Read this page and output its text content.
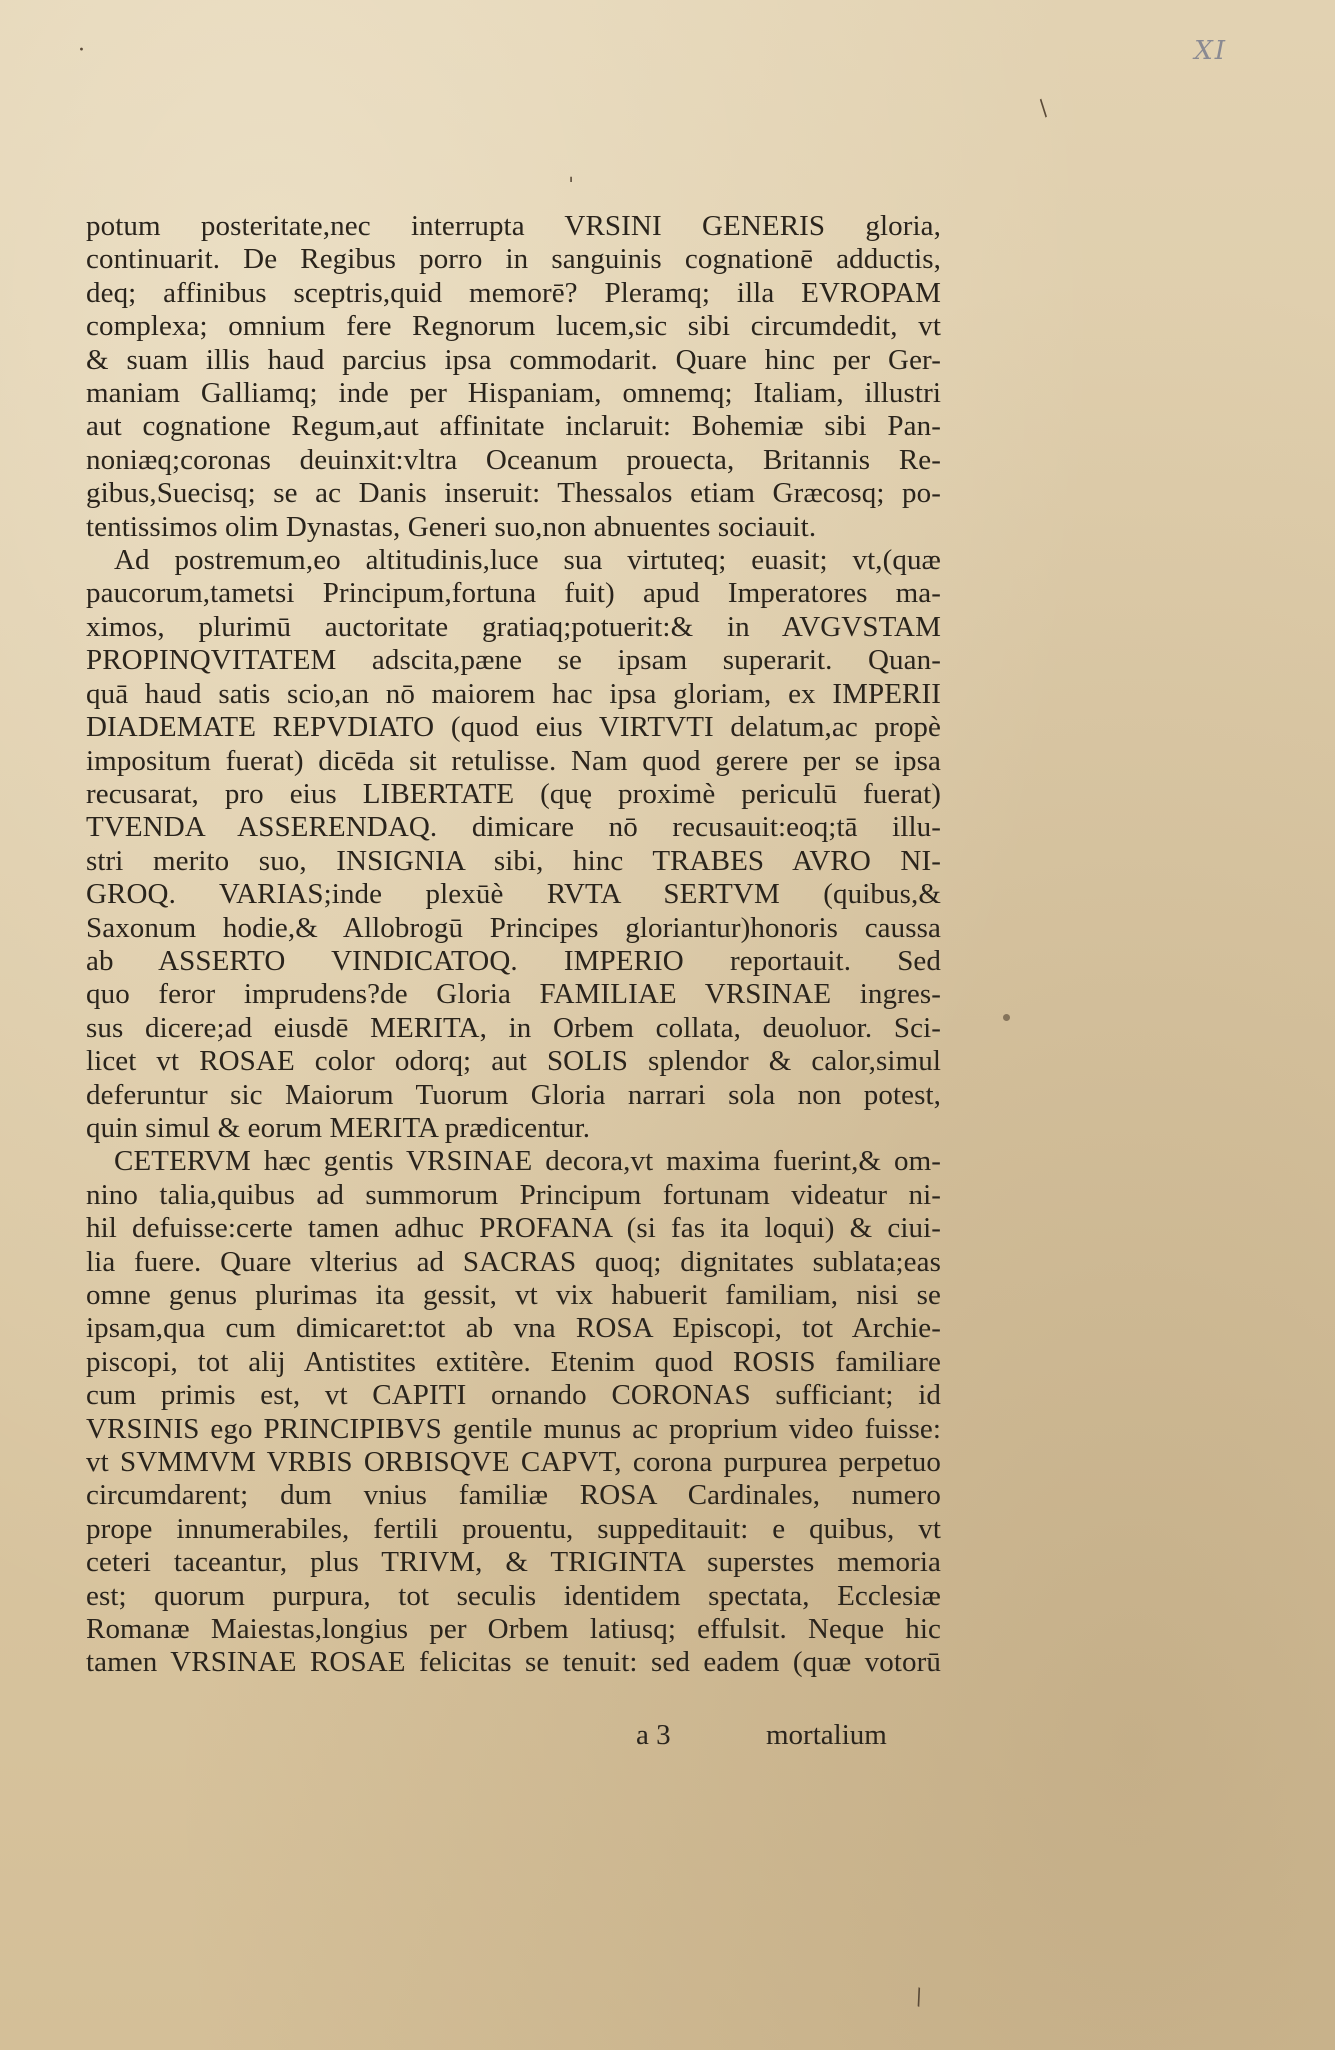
XI
·
/
ˌ
\
potum posteritate,nec interrupta VRSINI GENERIS gloria,
continuarit. De Regibus porro in sanguinis cognationē adductis,
deq; affinibus sceptris,quid memorē? Pleramq; illa EVROPAM
complexa; omnium fere Regnorum lucem,sic sibi circumdedit, vt
& suam illis haud parcius ipsa commodarit. Quare hinc per Ger-
maniam Galliamq; inde per Hispaniam, omnemq; Italiam, illustri
aut cognatione Regum,aut affinitate inclaruit: Bohemiæ sibi Pan-
noniæq;coronas deuinxit:vltra Oceanum prouecta, Britannis Re-
gibus,Suecisq; se ac Danis inseruit: Thessalos etiam Græcosq; po-
tentissimos olim Dynastas, Generi suo,non abnuentes sociauit.
Ad postremum,eo altitudinis,luce sua virtuteq; euasit; vt,(quæ
paucorum,tametsi Principum,fortuna fuit) apud Imperatores ma-
ximos, plurimū auctoritate gratiaq;potuerit:& in AVGVSTAM
PROPINQVITATEM adscita,pæne se ipsam superarit. Quan-
quā haud satis scio,an nō maiorem hac ipsa gloriam, ex IMPERII
DIADEMATE REPVDIATO (quod eius VIRTVTI delatum,ac propè
impositum fuerat) dicēda sit retulisse. Nam quod gerere per se ipsa
recusarat, pro eius LIBERTATE (quę proximè periculū fuerat)
TVENDA ASSERENDAQ. dimicare nō recusauit:eoq;tā illu-
stri merito suo, INSIGNIA sibi, hinc TRABES AVRO NI-
GROQ. VARIAS;inde plexūè RVTA SERTVM (quibus,&
Saxonum hodie,& Allobrogū Principes gloriantur)honoris caussa
ab ASSERTO VINDICATOQ. IMPERIO reportauit. Sed
quo feror imprudens?de Gloria FAMILIAE VRSINAE ingres-
sus dicere;ad eiusdē MERITA, in Orbem collata, deuoluor. Sci-
licet vt ROSAE color odorq; aut SOLIS splendor & calor,simul
deferuntur sic Maiorum Tuorum Gloria narrari sola non potest,
quin simul & eorum MERITA prædicentur.
CETERVM hæc gentis VRSINAE decora,vt maxima fuerint,& om-
nino talia,quibus ad summorum Principum fortunam videatur ni-
hil defuisse:certe tamen adhuc PROFANA (si fas ita loqui) & ciui-
lia fuere. Quare vlterius ad SACRAS quoq; dignitates sublata;eas
omne genus plurimas ita gessit, vt vix habuerit familiam, nisi se
ipsam,qua cum dimicaret:tot ab vna ROSA Episcopi, tot Archie-
piscopi, tot alij Antistites extitère. Etenim quod ROSIS familiare
cum primis est, vt CAPITI ornando CORONAS sufficiant; id
VRSINIS ego PRINCIPIBVS gentile munus ac proprium video fuisse:
vt SVMMVM VRBIS ORBISQVE CAPVT, corona purpurea perpetuo
circumdarent; dum vnius familiæ ROSA Cardinales, numero
prope innumerabiles, fertili prouentu, suppeditauit: e quibus, vt
ceteri taceantur, plus TRIVM, & TRIGINTA superstes memoria
est; quorum purpura, tot seculis identidem spectata, Ecclesiæ
Romanæ Maiestas,longius per Orbem latiusq; effulsit. Neque hic
tamen VRSINAE ROSAE felicitas se tenuit: sed eadem (quæ votorū
a 3	mortalium
